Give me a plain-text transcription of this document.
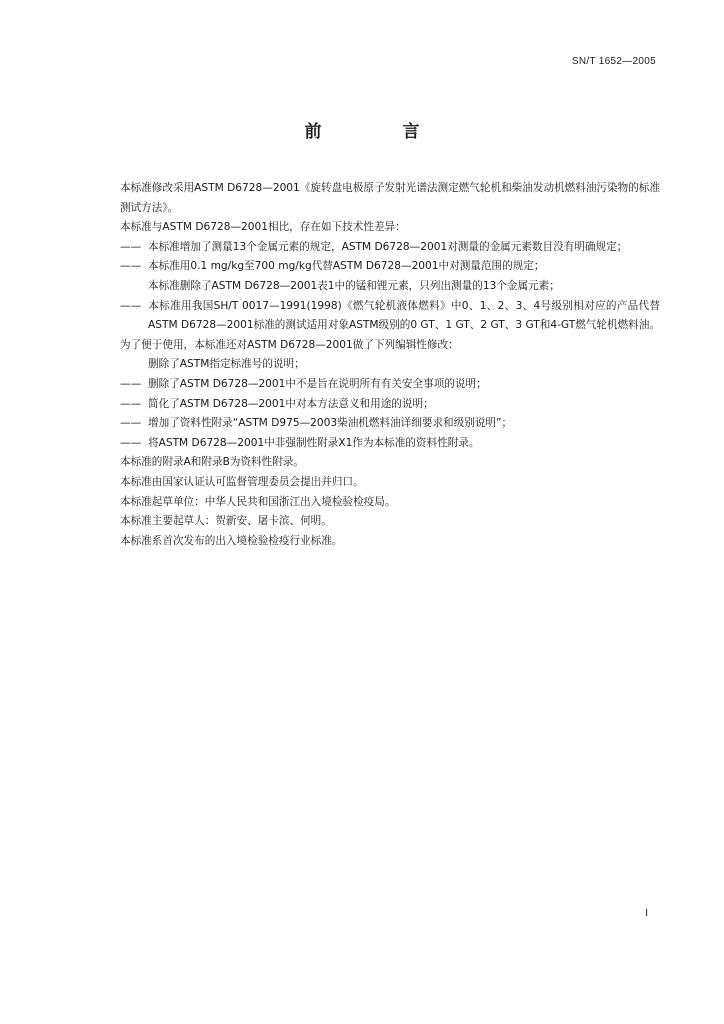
SN/T 1652—2005
前　言

本标准修改采用ASTM D6728—2001《旋转盘电极原子发射光谱法测定燃气轮机和柴油发动机燃料油污染物的标准测试方法》。

本标准与ASTM D6728—2001相比，存在如下技术性差异：

—— 本标准增加了测量13个金属元素的规定，ASTM D6728—2001对测量的金属元素数目没有明确规定；

—— 本标准用0.1 mg/kg至700 mg/kg代替ASTM D6728—2001中对测量范围的规定；

本标准删除了ASTM D6728—2001表1中的锰和锂元素，只列出测量的13个金属元素；

—— 本标准用我国SH/T 0017—1991(1998)《燃气轮机液体燃料》中0、1、2、3、4号级别相对应的产品代替ASTM D6728—2001标准的测试适用对象ASTM级别的0 GT、1 GT、2 GT、3 GT和4-GT燃气轮机燃料油。

为了便于使用，本标准还对ASTM D6728—2001做了下列编辑性修改：

删除了ASTM指定标准号的说明；

—— 删除了ASTM D6728—2001中不是旨在说明所有有关安全事项的说明；

—— 简化了ASTM D6728—2001中对本方法意义和用途的说明；

—— 增加了资料性附录“ASTM D975—2003柴油机燃料油详细要求和级别说明”；

—— 将ASTM D6728—2001中非强制性附录X1作为本标准的资料性附录。

本标准的附录A和附录B为资料性附录。

本标准由国家认证认可监督管理委员会提出并归口。

本标准起草单位：中华人民共和国浙江出入境检验检疫局。

本标准主要起草人：贺新安、屠卡滨、何明。

本标准系首次发布的出入境检验检疫行业标准。

I
